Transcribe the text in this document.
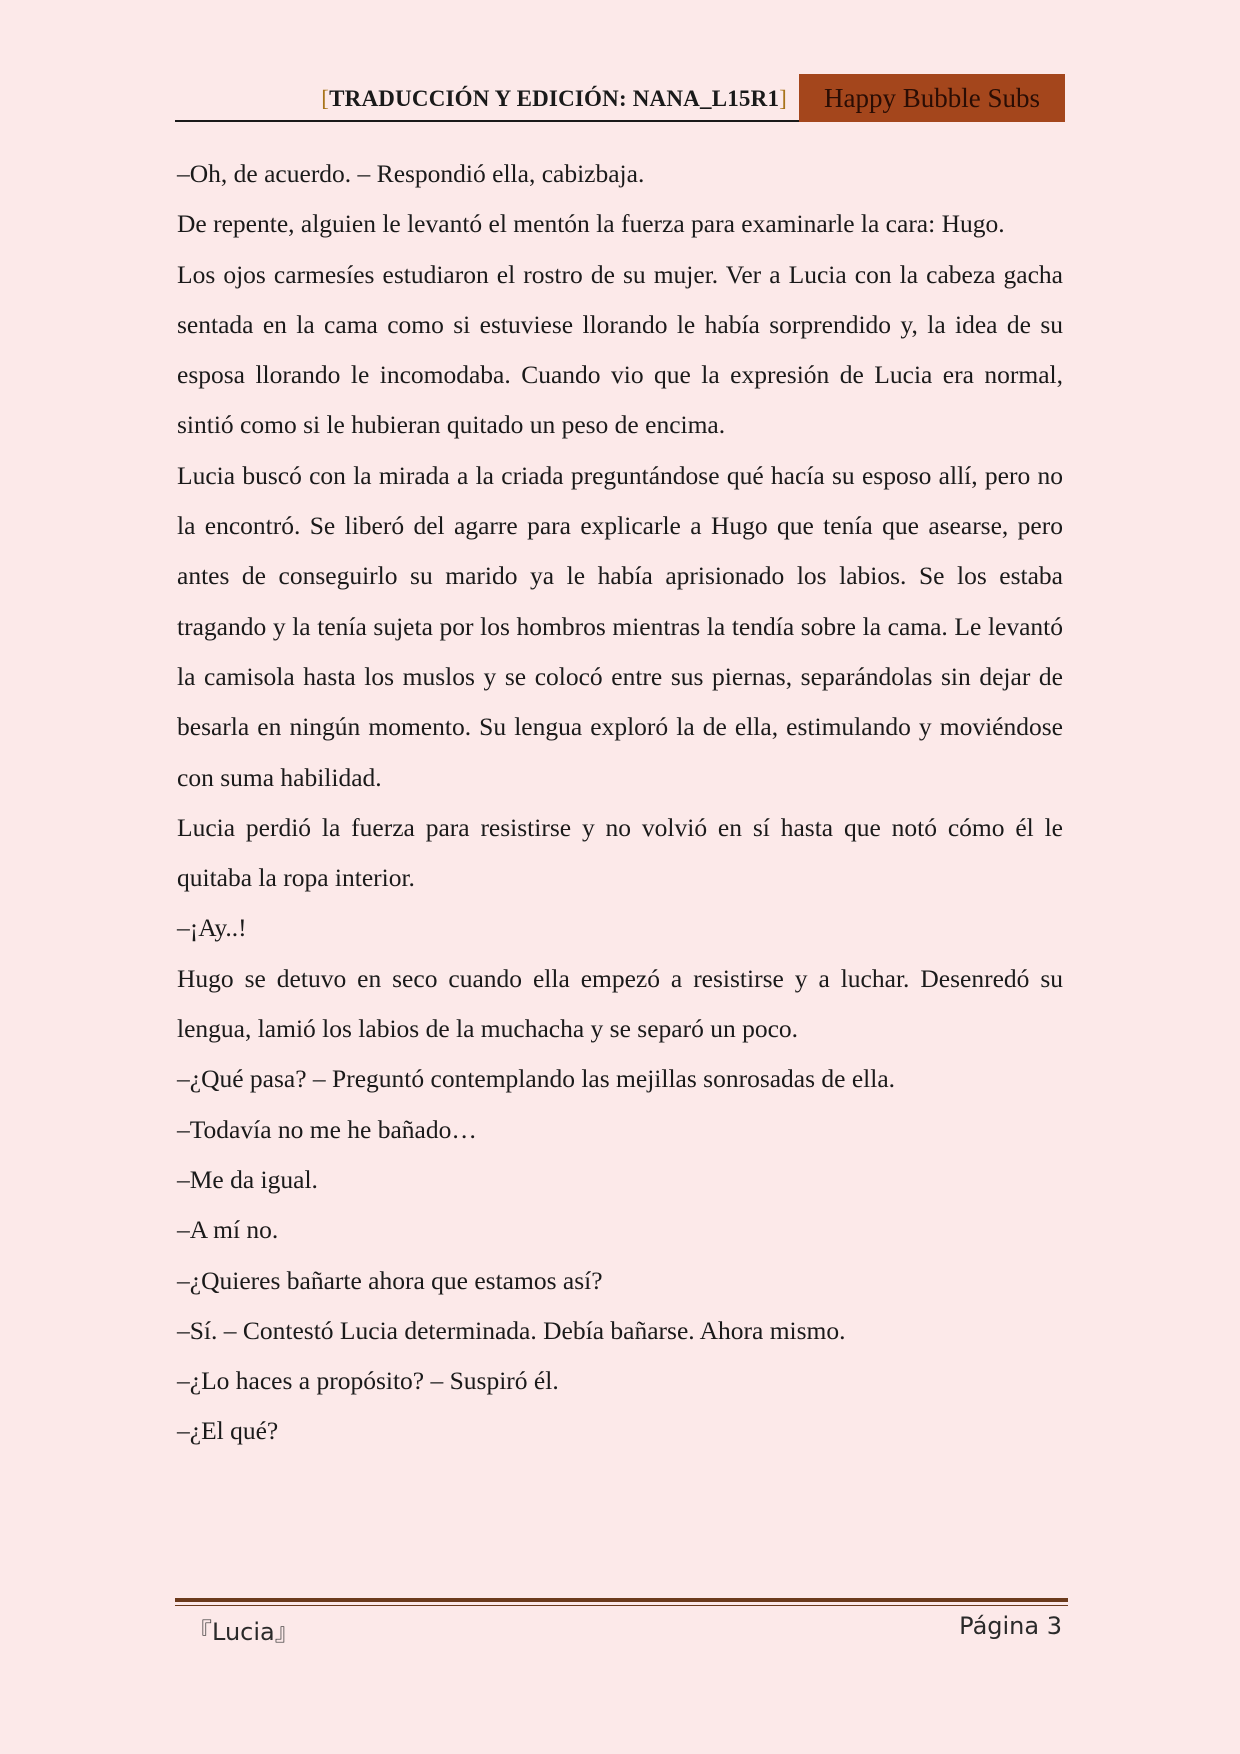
[TRADUCCIÓN Y EDICIÓN: NANA_L15R1]	Happy Bubble Subs

–Oh, de acuerdo. – Respondió ella, cabizbaja.

De repente, alguien le levantó el mentón la fuerza para examinarle la cara: Hugo.

Los ojos carmesíes estudiaron el rostro de su mujer. Ver a Lucia con la cabeza gacha sentada en la cama como si estuviese llorando le había sorprendido y, la idea de su esposa llorando le incomodaba. Cuando vio que la expresión de Lucia era normal, sintió como si le hubieran quitado un peso de encima.

Lucia buscó con la mirada a la criada preguntándose qué hacía su esposo allí, pero no la encontró. Se liberó del agarre para explicarle a Hugo que tenía que asearse, pero antes de conseguirlo su marido ya le había aprisionado los labios. Se los estaba tragando y la tenía sujeta por los hombros mientras la tendía sobre la cama. Le levantó la camisola hasta los muslos y se colocó entre sus piernas, separándolas sin dejar de besarla en ningún momento. Su lengua exploró la de ella, estimulando y moviéndose con suma habilidad.

Lucia perdió la fuerza para resistirse y no volvió en sí hasta que notó cómo él le quitaba la ropa interior.

–¡Ay..!

Hugo se detuvo en seco cuando ella empezó a resistirse y a luchar. Desenredó su lengua, lamió los labios de la muchacha y se separó un poco.

–¿Qué pasa? – Preguntó contemplando las mejillas sonrosadas de ella.

–Todavía no me he bañado…

–Me da igual.

–A mí no.

–¿Quieres bañarte ahora que estamos así?

–Sí. – Contestó Lucia determinada. Debía bañarse. Ahora mismo.

–¿Lo haces a propósito? – Suspiró él.

–¿El qué?

『Lucia』	Página 3
